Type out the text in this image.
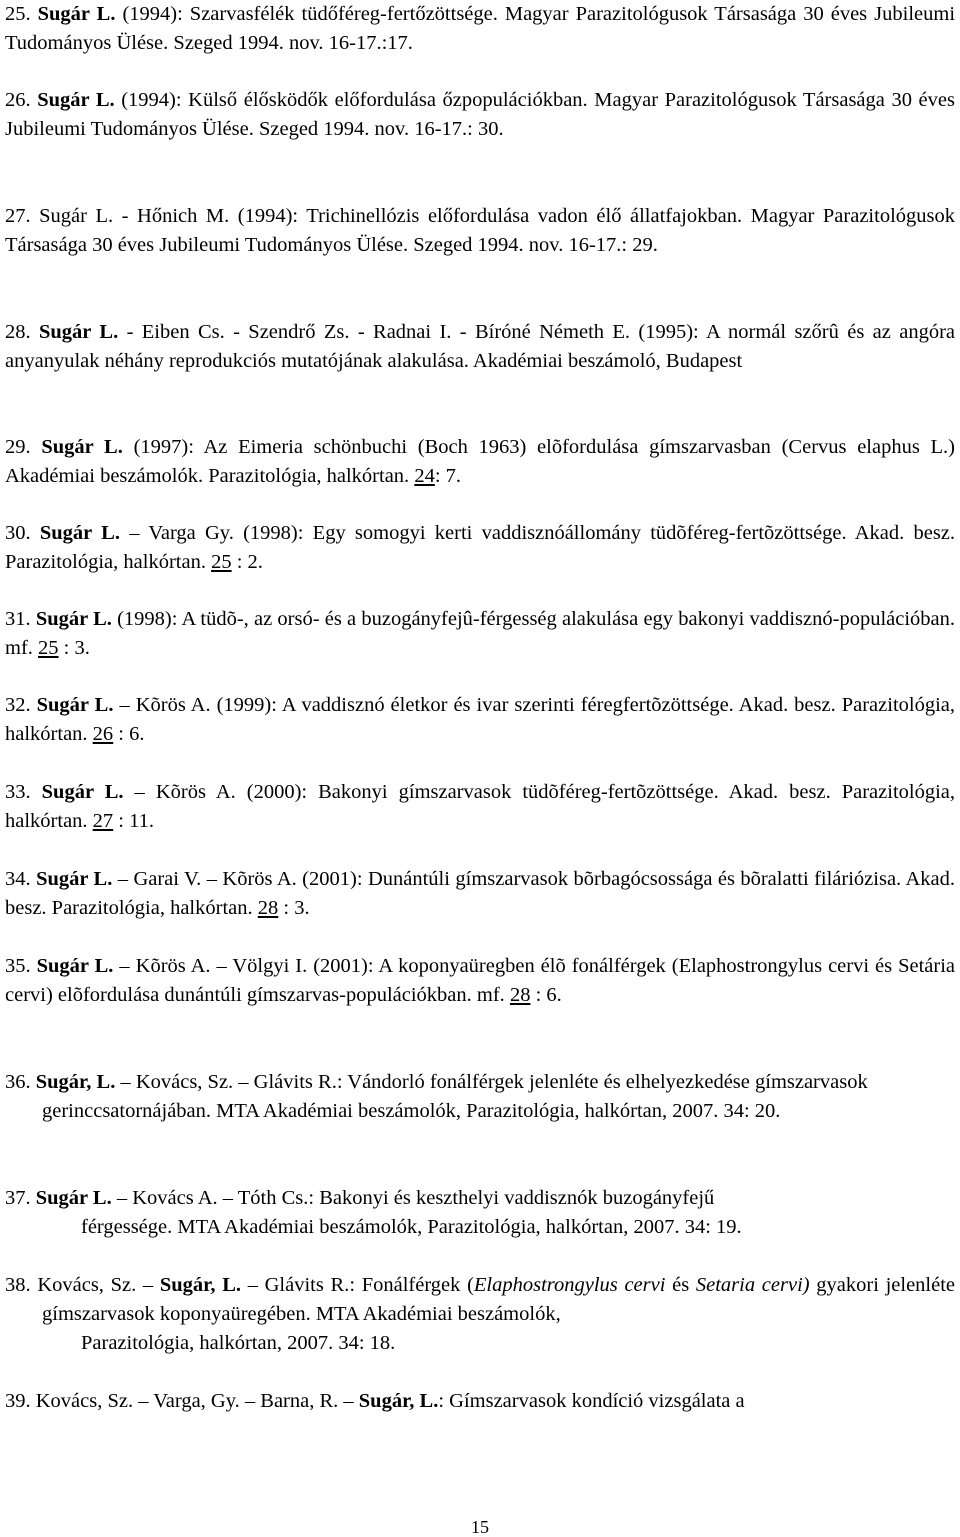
25. Sugár L. (1994): Szarvasfélék tüdőféreg-fertőzöttsége. Magyar Parazitológusok Társasága 30 éves Jubileumi Tudományos Ülése. Szeged 1994. nov. 16-17.:17.

26. Sugár L. (1994): Külső élősködők előfordulása őzpopulációkban. Magyar Parazitológusok Társasága 30 éves Jubileumi Tudományos Ülése. Szeged 1994. nov. 16-17.: 30.

27. Sugár L. - Hőnich M. (1994): Trichinellózis előfordulása vadon élő állatfajokban. Magyar Parazitológusok Társasága 30 éves Jubileumi Tudományos Ülése. Szeged 1994. nov. 16-17.: 29.

28. Sugár L. - Eiben Cs. - Szendrő Zs. - Radnai I. - Bíróné Németh E. (1995): A normál szőrû és az angóra anyanyulak néhány reprodukciós mutatójának alakulása. Akadémiai beszámoló, Budapest

29. Sugár L. (1997): Az Eimeria schönbuchi (Boch 1963) elõfordulása gímszarvasban (Cervus elaphus L.) Akadémiai beszámolók. Parazitológia, halkórtan. 24: 7.

30. Sugár L. – Varga Gy. (1998): Egy somogyi kerti vaddisznóállomány tüdõféreg-fertõzöttsége. Akad. besz. Parazitológia, halkórtan. 25 : 2.

31. Sugár L. (1998): A tüdõ-, az orsó- és a buzogányfejû-férgesség alakulása egy bakonyi vaddisznó-populációban. mf. 25 : 3.

32. Sugár L. – Kõrös A. (1999): A vaddisznó életkor és ivar szerinti féregfertõzöttsége. Akad. besz. Parazitológia, halkórtan. 26 : 6.

33. Sugár L. – Kõrös A. (2000): Bakonyi gímszarvasok tüdõféreg-fertõzöttsége. Akad. besz. Parazitológia, halkórtan. 27 : 11.

34. Sugár L. – Garai V. – Kõrös A. (2001): Dunántúli gímszarvasok bõrbagócsossága és bõralatti filáriózisa. Akad. besz. Parazitológia, halkórtan. 28 : 3.

35. Sugár L. – Kõrös A. – Völgyi I. (2001): A koponyaüregben élõ fonálférgek (Elaphostrongylus cervi és Setária cervi) elõfordulása dunántúli gímszarvas-populációkban. mf. 28 : 6.

36. Sugár, L. – Kovács, Sz. – Glávits R.: Vándorló fonálférgek jelenléte és elhelyezkedése gímszarvasok gerinccsatornájában. MTA Akadémiai beszámolók, Parazitológia, halkórtan, 2007. 34: 20.

37. Sugár L. – Kovács A. – Tóth Cs.: Bakonyi és keszthelyi vaddisznók buzogányfejű
férgessége. MTA Akadémiai beszámolók, Parazitológia, halkórtan, 2007. 34: 19.
38. Kovács, Sz. – Sugár, L. – Glávits R.: Fonálférgek (Elaphostrongylus cervi és Setaria cervi) gyakori jelenléte gímszarvasok koponyaüregében. MTA Akadémiai beszámolók,
Parazitológia, halkórtan, 2007. 34: 18.

39. Kovács, Sz. – Varga, Gy. – Barna, R. – Sugár, L.: Gímszarvasok kondíció vizsgálata a

15
